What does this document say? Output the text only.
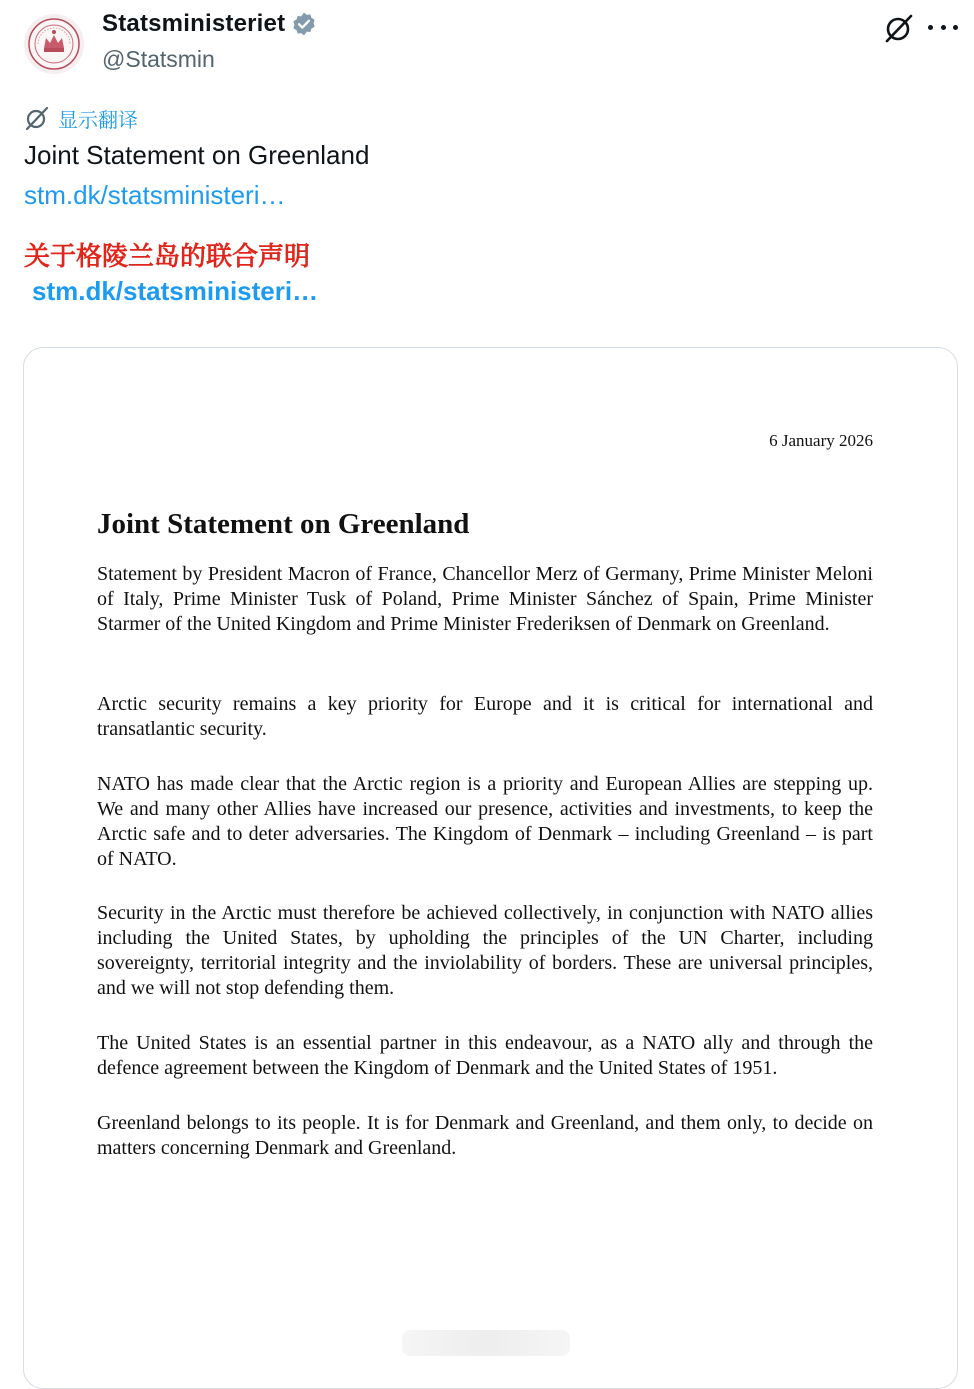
Statsministeriet
@Statsmin
显示翻译
Joint Statement on Greenland
stm.dk/statsministeri…
关于格陵兰岛的联合声明
stm.dk/statsministeri…
6 January 2026
Joint Statement on Greenland

Statement by President Macron of France, Chancellor Merz of Germany, Prime Minister Meloni of Italy, Prime Minister Tusk of Poland, Prime Minister Sánchez of Spain, Prime Minister Starmer of the United Kingdom and Prime Minister Frederiksen of Denmark on Greenland.

Arctic security remains a key priority for Europe and it is critical for international and transatlantic security.

NATO has made clear that the Arctic region is a priority and European Allies are stepping up. We and many other Allies have increased our presence, activities and investments, to keep the Arctic safe and to deter adversaries. The Kingdom of Denmark – including Greenland – is part of NATO.

Security in the Arctic must therefore be achieved collectively, in conjunction with NATO allies including the United States, by upholding the principles of the UN Charter, including sovereignty, territorial integrity and the inviolability of borders. These are universal principles, and we will not stop defending them.

The United States is an essential partner in this endeavour, as a NATO ally and through the defence agreement between the Kingdom of Denmark and the United States of 1951.

Greenland belongs to its people. It is for Denmark and Greenland, and them only, to decide on matters concerning Denmark and Greenland.
